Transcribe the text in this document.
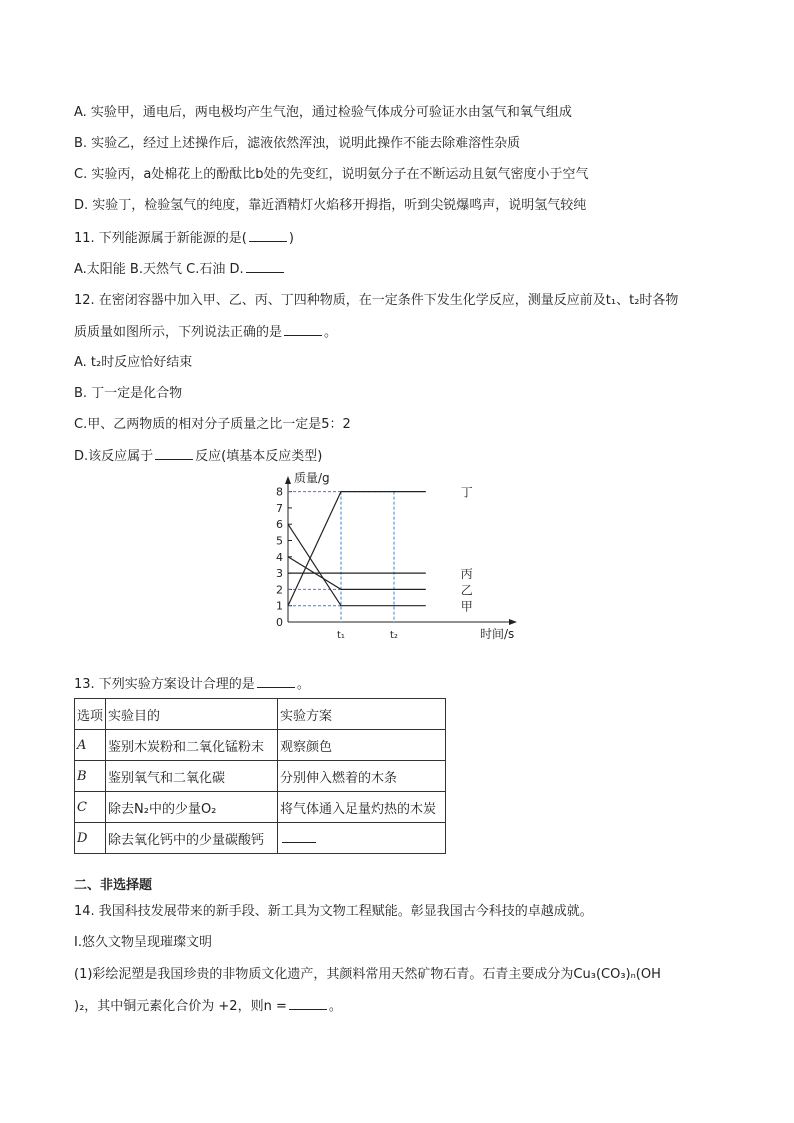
A. 实验甲，通电后，两电极均产生气泡，通过检验气体成分可验证水由氢气和氧气组成
B. 实验乙，经过上述操作后，滤液依然浑浊，说明此操作不能去除难溶性杂质
C. 实验丙，a处棉花上的酚酞比b处的先变红，说明氨分子在不断运动且氨气密度小于空气
D. 实验丁，检验氢气的纯度，靠近酒精灯火焰移开拇指，听到尖锐爆鸣声，说明氢气较纯
11. 下列能源属于新能源的是(	)
A.太阳能 B.天然气 C.石油 D.
12. 在密闭容器中加入甲、乙、丙、丁四种物质，在一定条件下发生化学反应，测量反应前及t₁、t₂时各物
质质量如图所示，下列说法正确的是	。
A. t₂时反应恰好结束
B. 丁一定是化合物
C.甲、乙两物质的相对分子质量之比一定是5：2
D.该反应属于	反应(填基本反应类型)
0
1
2
3
4
5
6
7
8
质量/g
t₁	t₂	时间/s
丁
丙
乙
甲
13. 下列实验方案设计合理的是	。
选项	实验目的	实验方案
A	鉴别木炭粉和二氧化锰粉末	观察颜色
B	鉴别氧气和二氧化碳	分别伸入燃着的木条
C	除去N₂中的少量O₂	将气体通入足量灼热的木炭
D	除去氧化钙中的少量碳酸钙	
二、非选择题
14. 我国科技发展带来的新手段、新工具为文物工程赋能。彰显我国古今科技的卓越成就。
Ⅰ.悠久文物呈现璀璨文明
(1)彩绘泥塑是我国珍贵的非物质文化遗产，其颜料常用天然矿物石青。石青主要成分为Cu₃(CO₃)ₙ(OH
)₂，其中铜元素化合价为 +2，则n =	。
